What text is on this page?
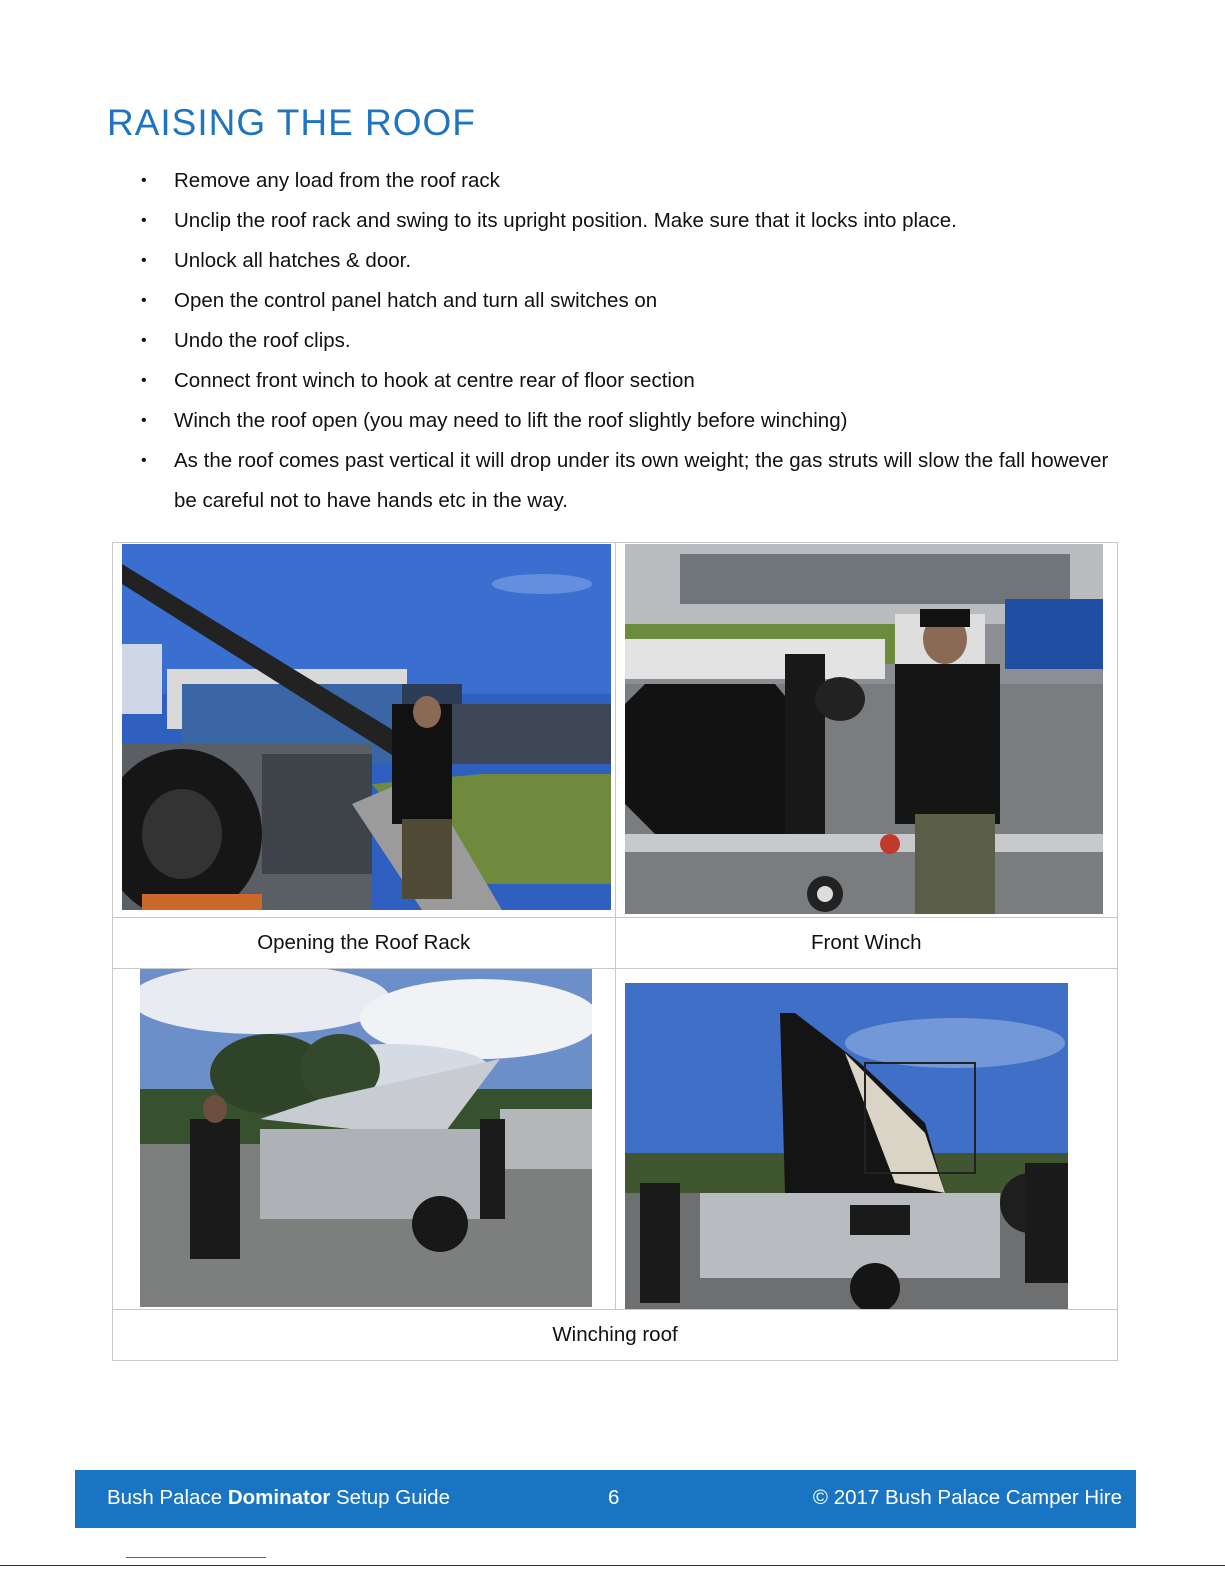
RAISING THE ROOF
• Remove any load from the roof rack
• Unclip the roof rack and swing to its upright position. Make sure that it locks into place.
• Unlock all hatches & door.
• Open the control panel hatch and turn all switches on
• Undo the roof clips.
• Connect front winch to hook at centre rear of floor section
• Winch the roof open (you may need to lift the roof slightly before winching)
• As the roof comes past vertical it will drop under its own weight; the gas struts will slow the fall however be careful not to have hands etc in the way.

Opening the Roof Rack	Front Winch

Winching roof	
Bush Palace Dominator Setup Guide	6	© 2017 Bush Palace Camper Hire
